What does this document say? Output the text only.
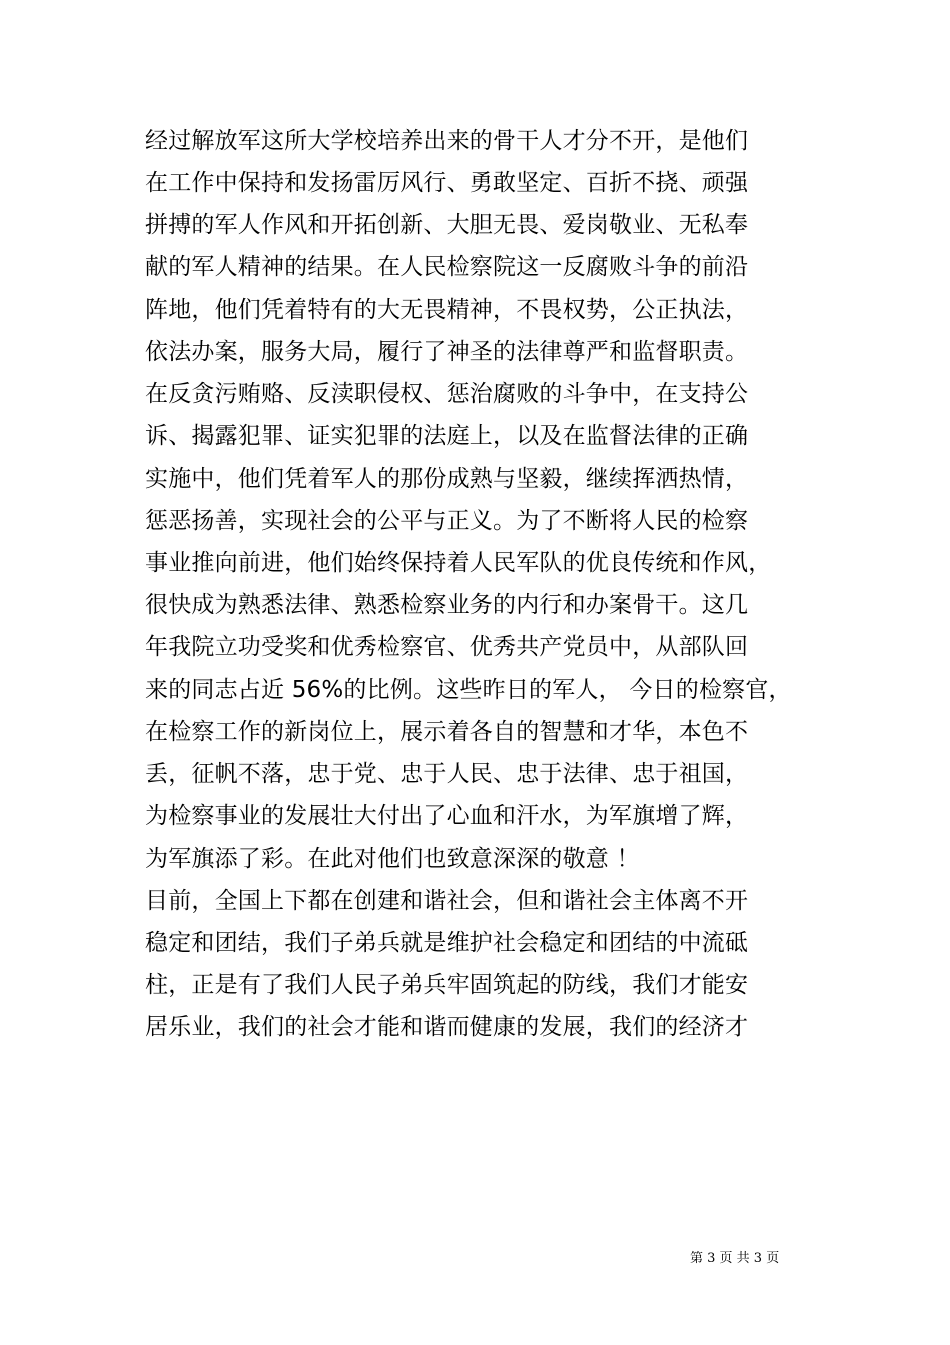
经过解放军这所大学校培养出来的骨干人才分不开，是他们
在工作中保持和发扬雷厉风行、勇敢坚定、百折不挠、顽强
拼搏的军人作风和开拓创新、大胆无畏、爱岗敬业、无私奉
献的军人精神的结果。在人民检察院这一反腐败斗争的前沿
阵地，他们凭着特有的大无畏精神，不畏权势，公正执法，
依法办案，服务大局，履行了神圣的法律尊严和监督职责。
在反贪污贿赂、反渎职侵权、惩治腐败的斗争中，在支持公
诉、揭露犯罪、证实犯罪的法庭上，以及在监督法律的正确
实施中，他们凭着军人的那份成熟与坚毅，继续挥洒热情，
惩恶扬善，实现社会的公平与正义。为了不断将人民的检察
事业推向前进，他们始终保持着人民军队的优良传统和作风，
很快成为熟悉法律、熟悉检察业务的内行和办案骨干。这几
年我院立功受奖和优秀检察官、优秀共产党员中，从部队回
来的同志占近 56%的比例。这些昨日的军人， 今日的检察官，
在检察工作的新岗位上，展示着各自的智慧和才华，本色不
丢，征帆不落，忠于党、忠于人民、忠于法律、忠于祖国，
为检察事业的发展壮大付出了心血和汗水，为军旗增了辉，
为军旗添了彩。在此对他们也致意深深的敬意 ！
目前，全国上下都在创建和谐社会，但和谐社会主体离不开
稳定和团结，我们子弟兵就是维护社会稳定和团结的中流砥
柱，正是有了我们人民子弟兵牢固筑起的防线，我们才能安
居乐业，我们的社会才能和谐而健康的发展，我们的经济才
第 3 页 共 3 页
